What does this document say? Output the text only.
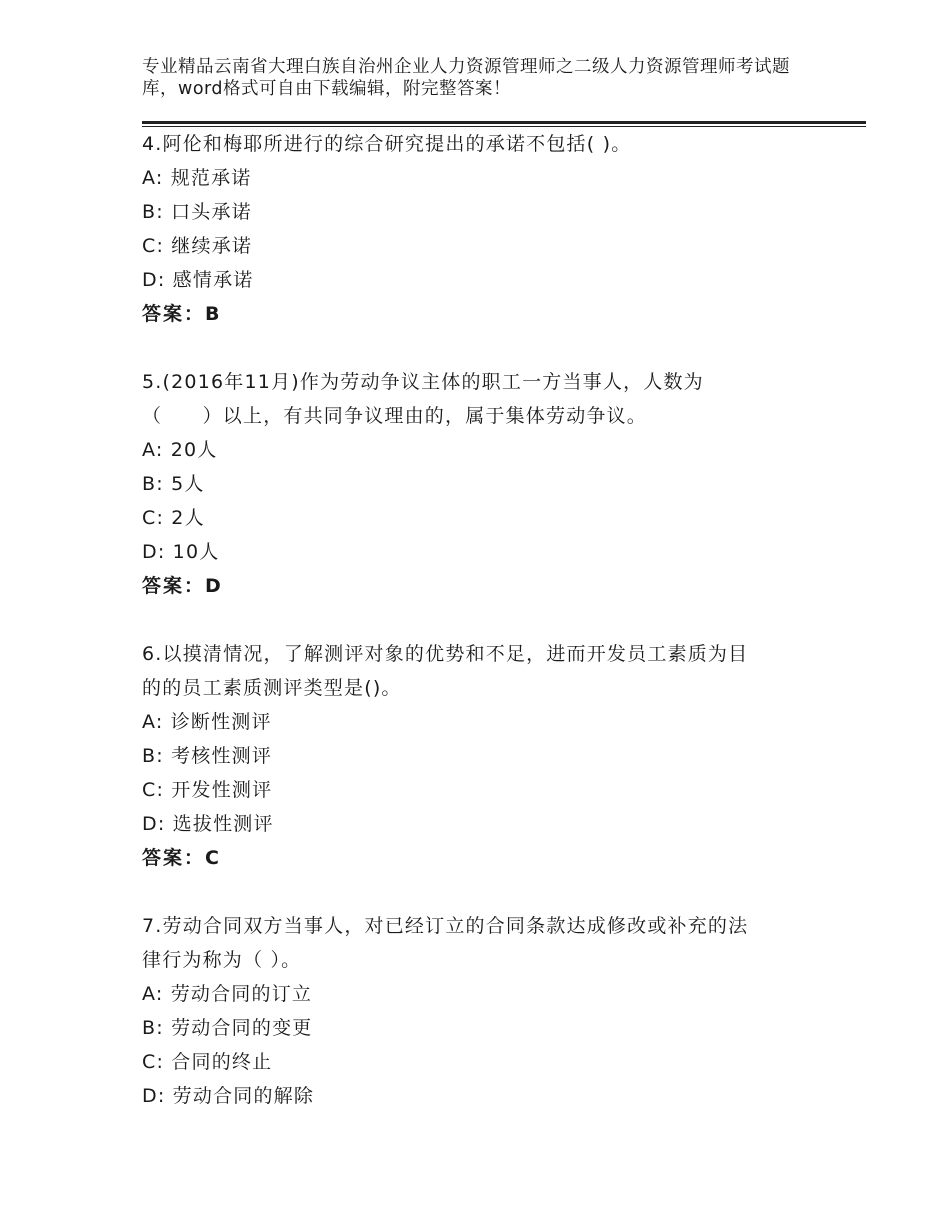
专业精品云南省大理白族自治州企业人力资源管理师之二级人力资源管理师考试题
库，word格式可自由下载编辑，附完整答案！
4.阿伦和梅耶所进行的综合研究提出的承诺不包括( )。
A: 规范承诺
B: 口头承诺
C: 继续承诺
D: 感情承诺
答案：B
5.(2016年11月)作为劳动争议主体的职工一方当事人，人数为
（　　）以上，有共同争议理由的，属于集体劳动争议。
A: 20人
B: 5人
C: 2人
D: 10人
答案：D
6.以摸清情况，了解测评对象的优势和不足，进而开发员工素质为目
的的员工素质测评类型是()。
A: 诊断性测评
B: 考核性测评
C: 开发性测评
D: 选拔性测评
答案：C
7.劳动合同双方当事人，对已经订立的合同条款达成修改或补充的法
律行为称为（ ）。
A: 劳动合同的订立
B: 劳动合同的变更
C: 合同的终止
D: 劳动合同的解除
